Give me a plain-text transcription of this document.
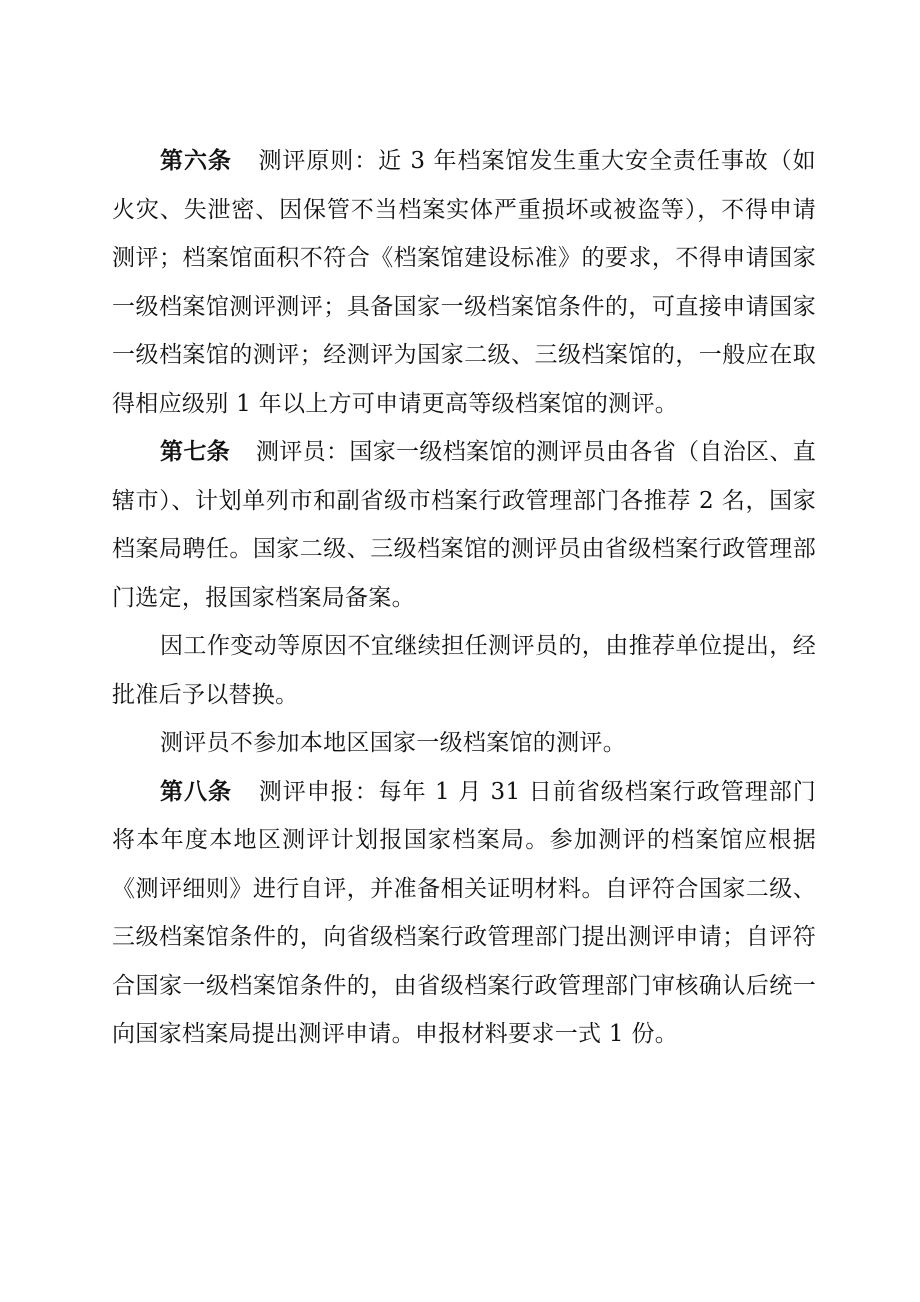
第六条 测评原则：近 3 年档案馆发生重大安全责任事故（如火灾、失泄密、因保管不当档案实体严重损坏或被盗等），不得申请测评；档案馆面积不符合《档案馆建设标准》的要求，不得申请国家一级档案馆测评测评；具备国家一级档案馆条件的，可直接申请国家一级档案馆的测评；经测评为国家二级、三级档案馆的，一般应在取得相应级别 1 年以上方可申请更高等级档案馆的测评。

第七条 测评员：国家一级档案馆的测评员由各省（自治区、直辖市）、计划单列市和副省级市档案行政管理部门各推荐 2 名，国家档案局聘任。国家二级、三级档案馆的测评员由省级档案行政管理部门选定，报国家档案局备案。

因工作变动等原因不宜继续担任测评员的，由推荐单位提出，经批准后予以替换。

测评员不参加本地区国家一级档案馆的测评。

第八条 测评申报：每年 1 月 31 日前省级档案行政管理部门将本年度本地区测评计划报国家档案局。参加测评的档案馆应根据《测评细则》进行自评，并准备相关证明材料。自评符合国家二级、三级档案馆条件的，向省级档案行政管理部门提出测评申请；自评符合国家一级档案馆条件的，由省级档案行政管理部门审核确认后统一向国家档案局提出测评申请。申报材料要求一式 1 份。
